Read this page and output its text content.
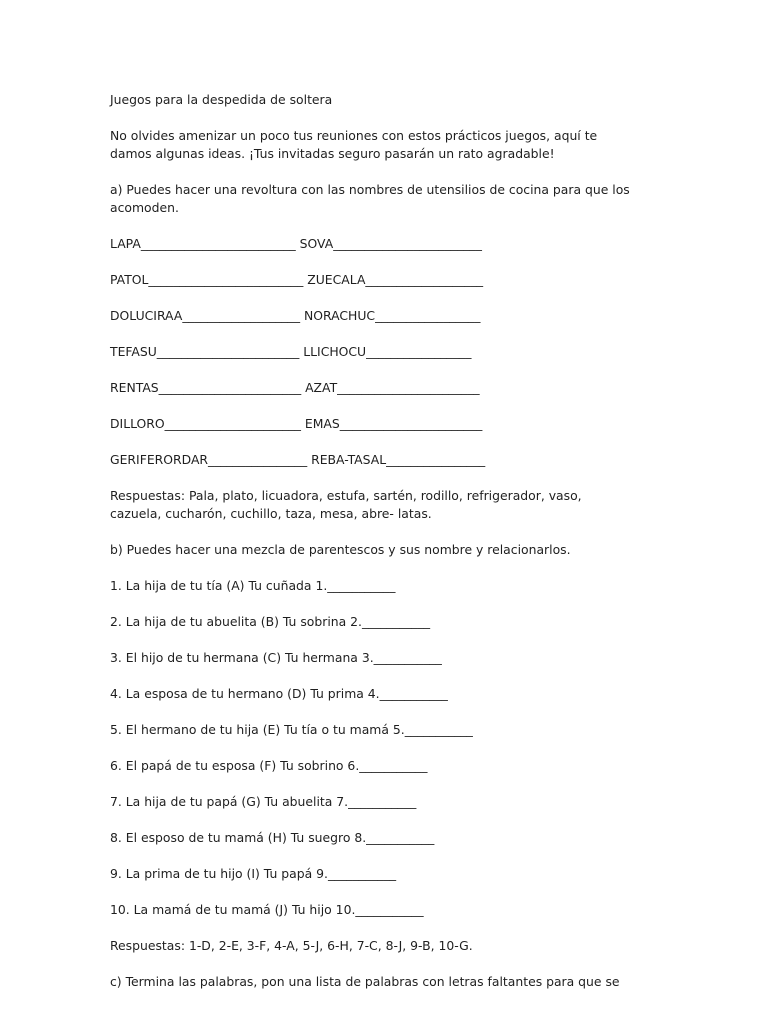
Juegos para la despedida de soltera
No olvides amenizar un poco tus reuniones con estos prácticos juegos, aquí te
damos algunas ideas. ¡Tus invitadas seguro pasarán un rato agradable!
a) Puedes hacer una revoltura con las nombres de utensilios de cocina para que los
acomoden.
LAPA_________________________ SOVA________________________
PATOL_________________________ ZUECALA___________________
DOLUCIRAA___________________ NORACHUC_________________
TEFASU_______________________ LLICHOCU_________________
RENTAS_______________________ AZAT_______________________
DILLORO______________________ EMAS_______________________
GERIFERORDAR________________ REBA-TASAL________________
Respuestas: Pala, plato, licuadora, estufa, sartén, rodillo, refrigerador, vaso,
cazuela, cucharón, cuchillo, taza, mesa, abre- latas.
b) Puedes hacer una mezcla de parentescos y sus nombre y relacionarlos.
1. La hija de tu tía (A) Tu cuñada 1.___________
2. La hija de tu abuelita (B) Tu sobrina 2.___________
3. El hijo de tu hermana (C) Tu hermana 3.___________
4. La esposa de tu hermano (D) Tu prima 4.___________
5. El hermano de tu hija (E) Tu tía o tu mamá 5.___________
6. El papá de tu esposa (F) Tu sobrino 6.___________
7. La hija de tu papá (G) Tu abuelita 7.___________
8. El esposo de tu mamá (H) Tu suegro 8.___________
9. La prima de tu hijo (I) Tu papá 9.___________
10. La mamá de tu mamá (J) Tu hijo 10.___________
Respuestas: 1-D, 2-E, 3-F, 4-A, 5-J, 6-H, 7-C, 8-J, 9-B, 10-G.
c) Termina las palabras, pon una lista de palabras con letras faltantes para que se
